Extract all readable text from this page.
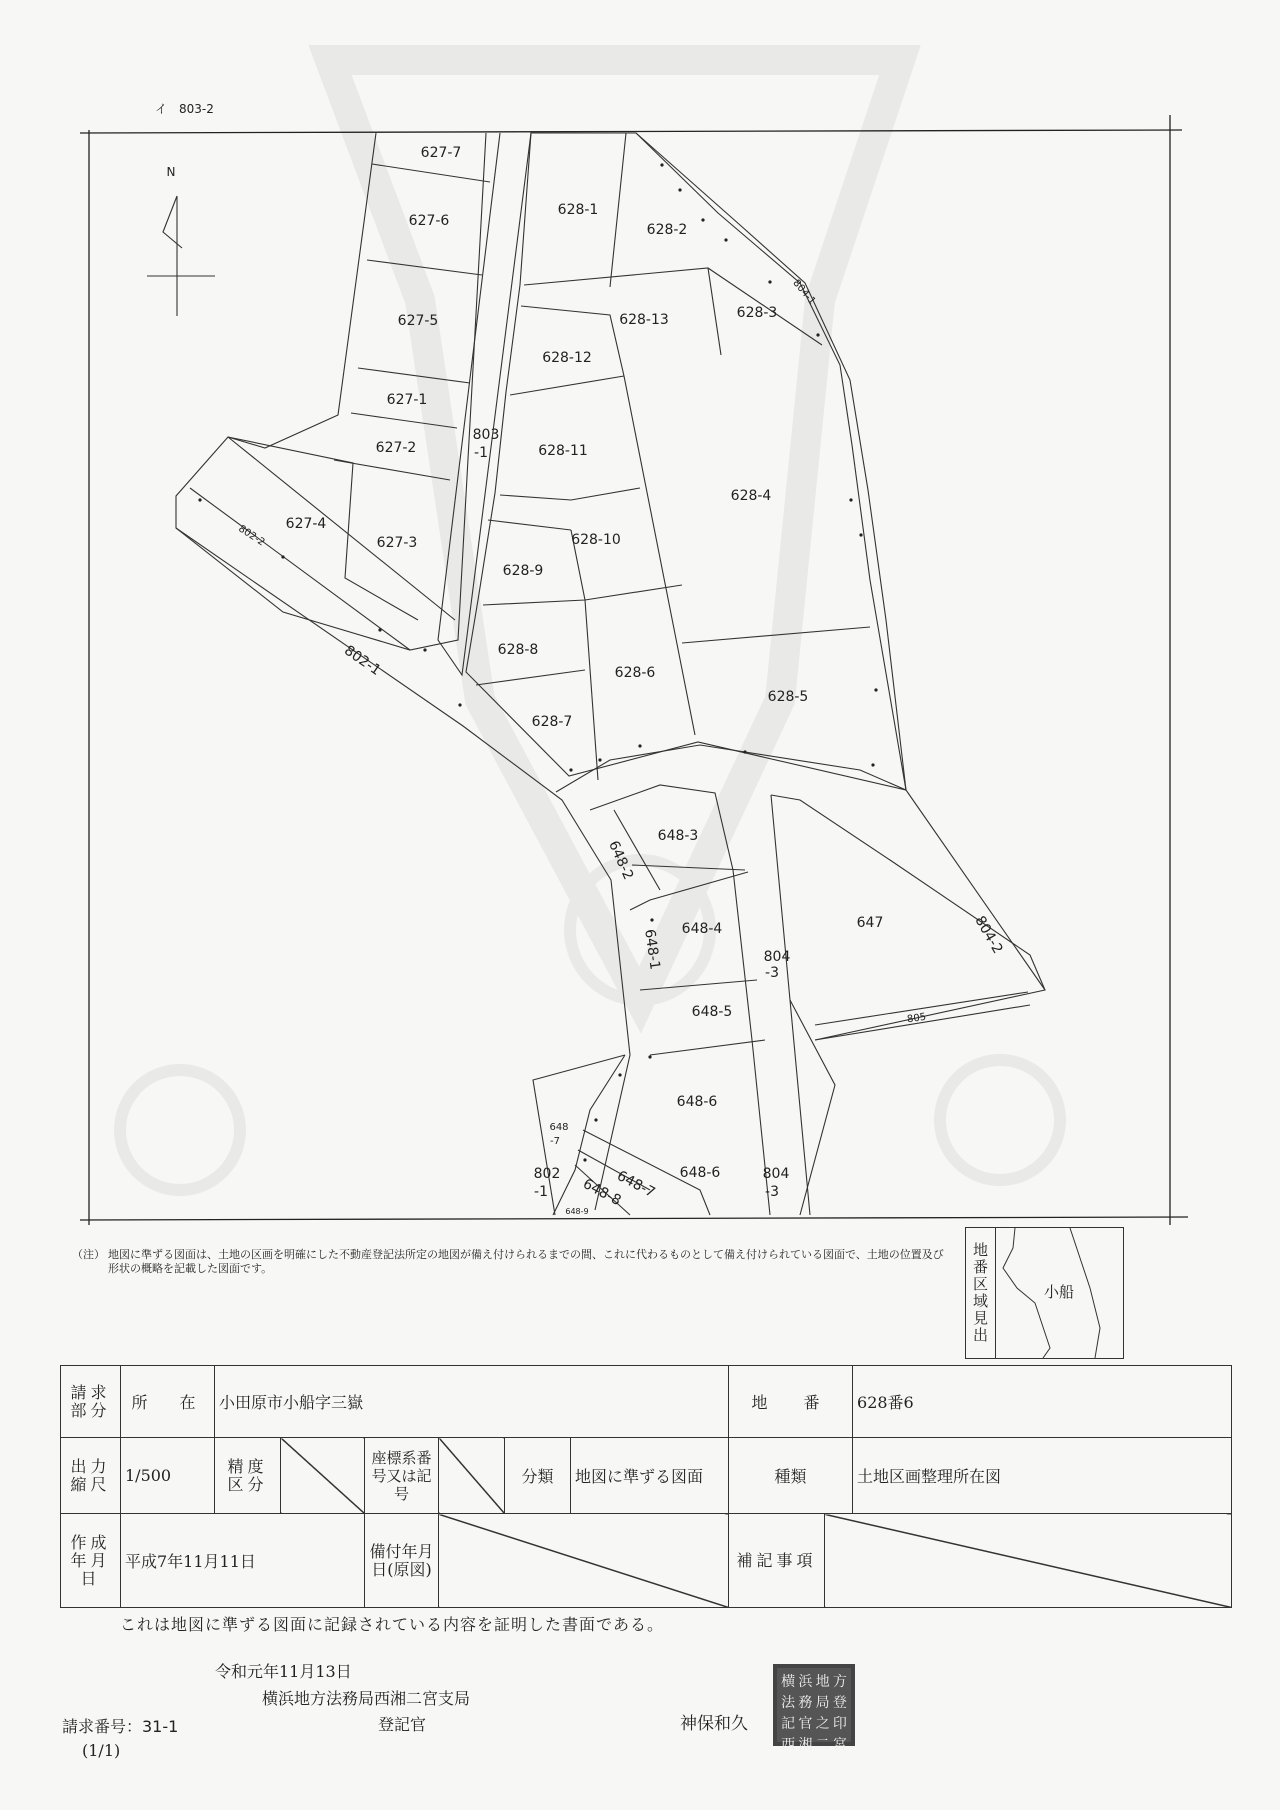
イ　803-2
N
627-7
627-6
627-5
627-1
627-2
627-4
627-3
628-1
628-2
628-3
628-13
628-12
628-11
628-10
628-9
628-8
628-7
628-6
628-5
628-4
803
-1
804-1
802-2
802-1
648-3
648-2
648-1 648-4
648-5
648-6
648-6
648-7
648-8
648-9
648
-7
647	804-2
805
804
-3
804
-3
802
-1
（注） 地図に準ずる図面は、土地の区画を明確にした不動産登記法所定の地図が備え付けられるまでの間、これに代わるものとして備え付けられている図面で、土地の位置及び形状の概略を記載した図面です。	地番区域見出	小船
請求部分	所　在	小田原市小船字三嶽						地　番		628番6
出力縮尺	1/500	精度区分		座標系番号又は記号		分類	地図に準ずる図面	種類		土地区画整理所在図
作成年月日	平成7年11月11日			備付年月日(原図)				補記事項		
これは地図に準ずる図面に記録されている内容を証明した書面である。
令和元年11月13日
横浜地方法務局西湘二宮支局
登記官	神保和久
横 浜 地 方
法 務 局 登
記 官 之 印
西 湘 二 宮
請求番号：31-1
(1/1)
